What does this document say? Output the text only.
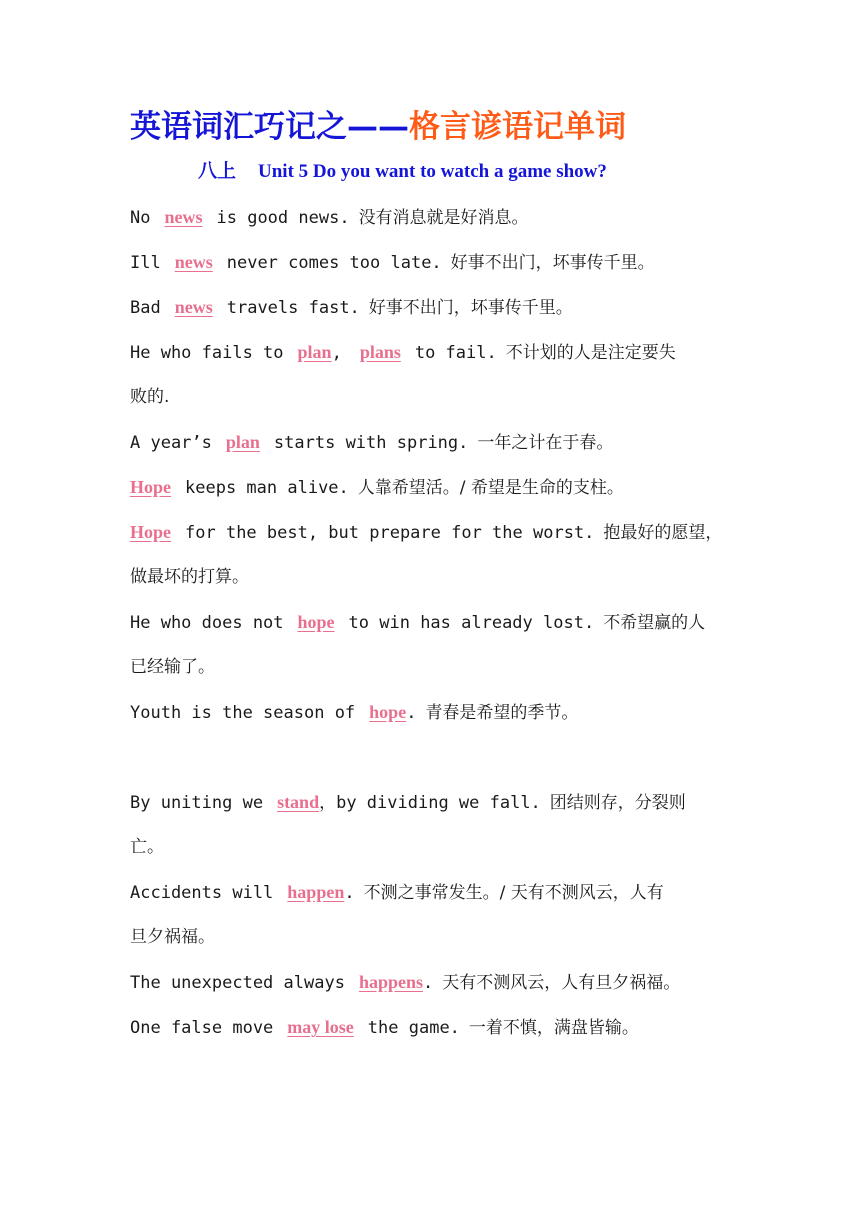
英语词汇巧记之——格言谚语记单词
八上 Unit 5 Do you want to watch a game show?
No news is good news. 没有消息就是好消息。
Ill news never comes too late. 好事不出门，坏事传千里。
Bad news travels fast. 好事不出门，坏事传千里。
He who fails to plan, plans to fail. 不计划的人是注定要失
败的.
A year’s plan starts with spring. 一年之计在于春。
Hope keeps man alive. 人靠希望活。/ 希望是生命的支柱。
Hope for the best, but prepare for the worst. 抱最好的愿望，
做最坏的打算。
He who does not hope to win has already lost. 不希望赢的人
已经输了。
Youth is the season of hope. 青春是希望的季节。
By uniting we stand，by dividing we fall. 团结则存，分裂则
亡。
Accidents will happen. 不测之事常发生。/ 天有不测风云，人有
旦夕祸福。
The unexpected always happens. 天有不测风云，人有旦夕祸福。
One false move may lose the game. 一着不慎，满盘皆输。
